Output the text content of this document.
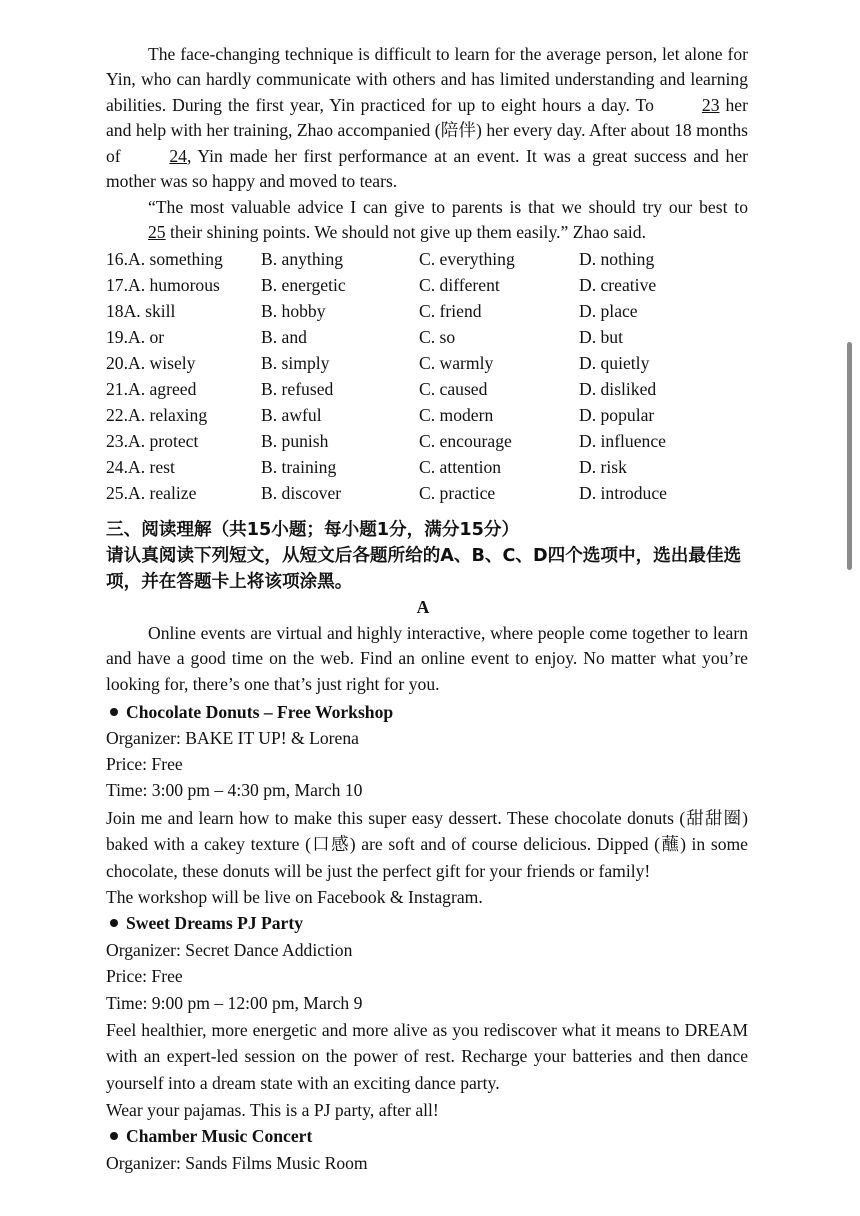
The face-changing technique is difficult to learn for the average person, let alone for Yin, who can hardly communicate with others and has limited understanding and learning abilities. During the first year, Yin practiced for up to eight hours a day. To 23 her and help with her training, Zhao accompanied (陪伴) her every day. After about 18 months of 24, Yin made her first performance at an event. It was a great success and her mother was so happy and moved to tears.

“The most valuable advice I can give to parents is that we should try our best to 25 their shining points. We should not give up them easily.” Zhao said.

16.A. something B. anything	C. everything	D. nothing
17.A. humorous B. energetic	C. different	D. creative
18A. skill	B. hobby	C. friend	D. place
19.A. or	B. and	C. so	D. but
20.A. wisely	B. simply	C. warmly	D. quietly
21.A. agreed	B. refused	C. caused	D. disliked
22.A. relaxing	B. awful	C. modern	D. popular
23.A. protect	B. punish	C. encourage	D. influence
24.A. rest	B. training	C. attention	D. risk
25.A. realize	B. discover	C. practice	D. introduce
三、阅读理解（共15小题；每小题1分，满分15分）

请认真阅读下列短文，从短文后各题所给的A、B、C、D四个选项中，选出最佳选项，并在答题卡上将该项涂黑。

A

Online events are virtual and highly interactive, where people come together to learn and have a good time on the web. Find an online event to enjoy. No matter what you’re looking for, there’s one that’s just right for you.

Chocolate Donuts – Free Workshop
Organizer: BAKE IT UP! & Lorena
Price: Free
Time: 3:00 pm – 4:30 pm, March 10

Join me and learn how to make this super easy dessert. These chocolate donuts (甜甜圈) baked with a cakey texture (口感) are soft and of course delicious. Dipped (蘸) in some chocolate, these donuts will be just the perfect gift for your friends or family!

The workshop will be live on Facebook & Instagram.
Sweet Dreams PJ Party
Organizer: Secret Dance Addiction
Price: Free
Time: 9:00 pm – 12:00 pm, March 9

Feel healthier, more energetic and more alive as you rediscover what it means to DREAM with an expert-led session on the power of rest. Recharge your batteries and then dance yourself into a dream state with an exciting dance party.

Wear your pajamas. This is a PJ party, after all!
Chamber Music Concert
Organizer: Sands Films Music Room
